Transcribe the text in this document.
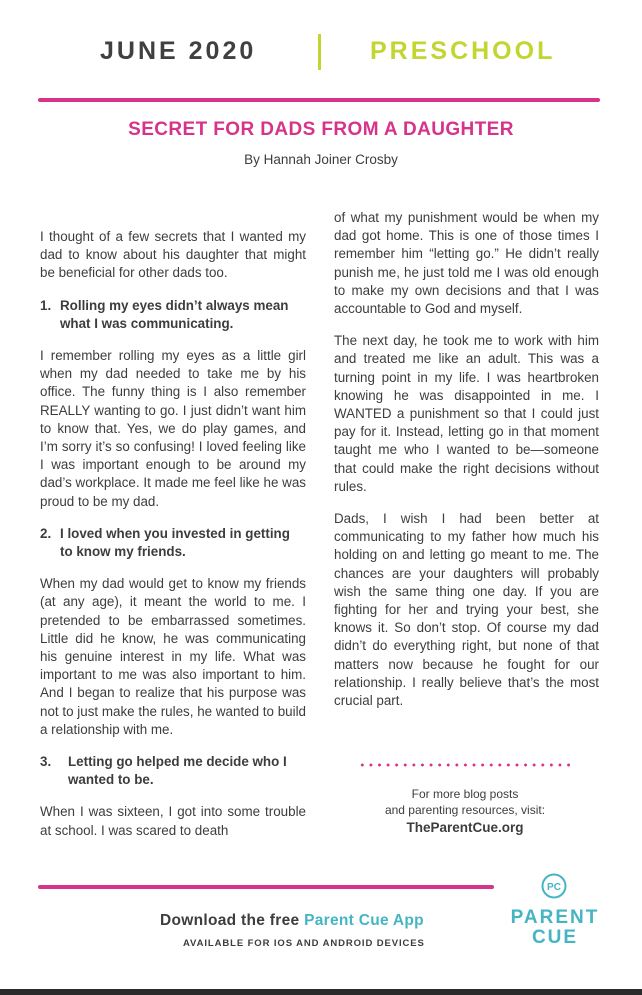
JUNE 2020	PRESCHOOL
SECRET FOR DADS FROM A DAUGHTER
By Hannah Joiner Crosby

I thought of a few secrets that I wanted my dad to know about his daughter that might be beneficial for other dads too.

1. Rolling my eyes didn’t always mean what I was communicating.

I remember rolling my eyes as a little girl when my dad needed to take me by his office. The funny thing is I also remember REALLY wanting to go. I just didn’t want him to know that. Yes, we do play games, and I’m sorry it’s so confusing! I loved feeling like I was important enough to be around my dad’s workplace. It made me feel like he was proud to be my dad.

2. I loved when you invested in getting to know my friends.

When my dad would get to know my friends (at any age), it meant the world to me. I pretended to be embarrassed sometimes. Little did he know, he was communicating his genuine interest in my life. What was important to me was also important to him. And I began to realize that his purpose was not to just make the rules, he wanted to build a relationship with me.

3.	Letting go helped me decide who I wanted to be.

When I was sixteen, I got into some trouble at school. I was scared to death

of what my punishment would be when my dad got home. This is one of those times I remember him “letting go.” He didn’t really punish me, he just told me I was old enough to make my own decisions and that I was accountable to God and myself.

The next day, he took me to work with him and treated me like an adult. This was a turning point in my life. I was heartbroken knowing he was disappointed in me. I WANTED a punishment so that I could just pay for it. Instead, letting go in that moment taught me who I wanted to be—someone that could make the right decisions without rules.

Dads, I wish I had been better at communicating to my father how much his holding on and letting go meant to me. The chances are your daughters will probably wish the same thing one day. If you are fighting for her and trying your best, she knows it. So don’t stop. Of course my dad didn’t do everything right, but none of that matters now because he fought for our relationship. I really believe that’s the most crucial part.

For more blog posts
and parenting resources, visit:
TheParentCue.org
Download the free Parent Cue App
AVAILABLE FOR IOS AND ANDROID DEVICES
PC
PARENT
CUE
